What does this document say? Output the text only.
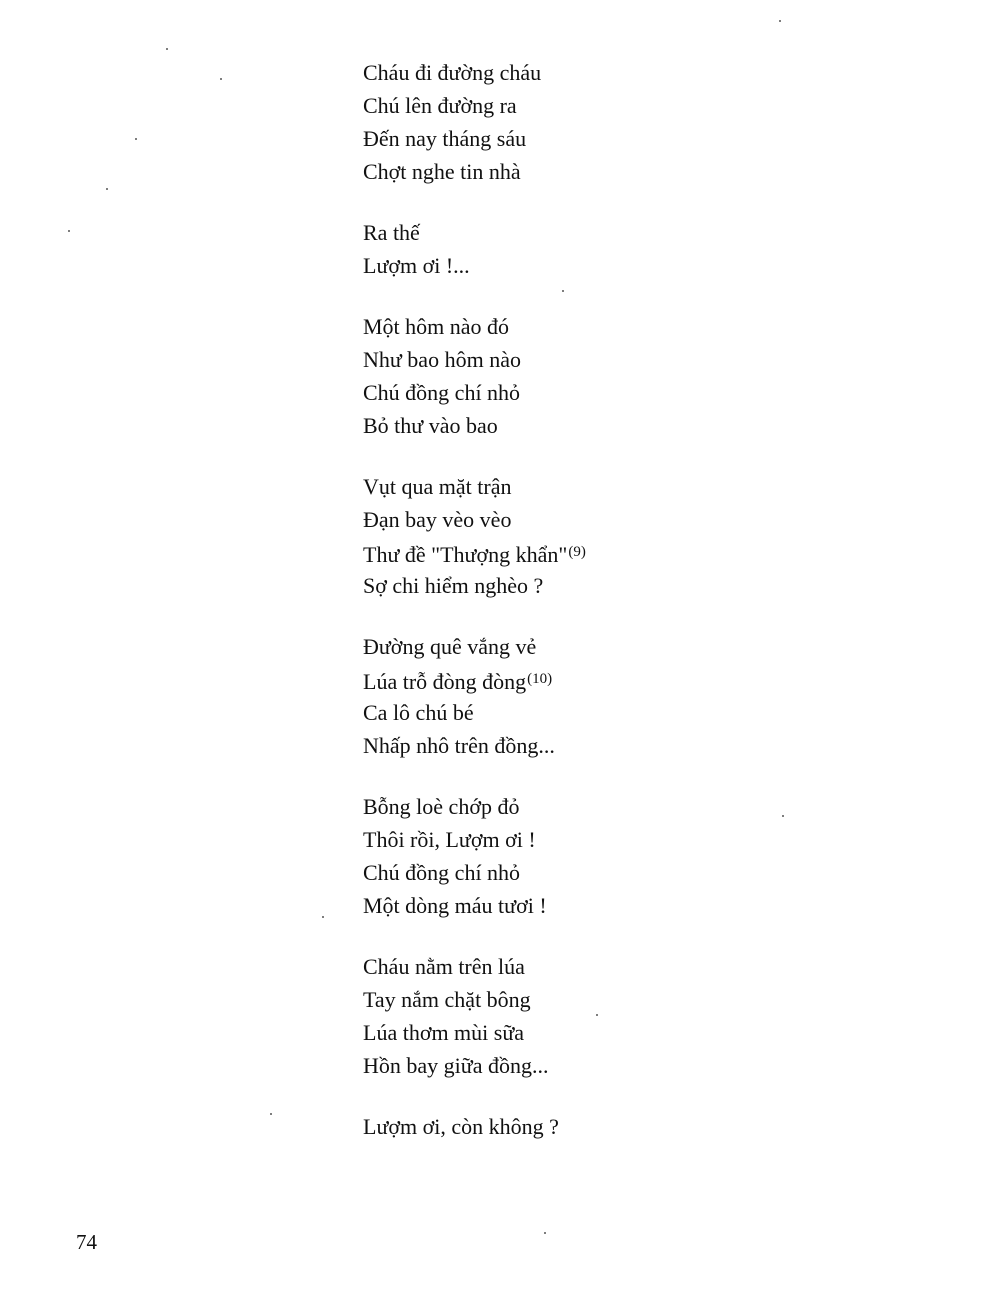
Cháu đi đường cháu
Chú lên đường ra
Đến nay tháng sáu
Chợt nghe tin nhà
Ra thế
Lượm ơi !...
Một hôm nào đó
Như bao hôm nào
Chú đồng chí nhỏ
Bỏ thư vào bao
Vụt qua mặt trận
Đạn bay vèo vèo
Thư đề "Thượng khẩn"$^{(9)}$
Sợ chi hiểm nghèo ?
Đường quê vắng vẻ
Lúa trỗ đòng đòng$^{(10)}$
Ca lô chú bé
Nhấp nhô trên đồng...
Bỗng loè chớp đỏ
Thôi rồi, Lượm ơi !
Chú đồng chí nhỏ
Một dòng máu tươi !
Cháu nằm trên lúa
Tay nắm chặt bông
Lúa thơm mùi sữa
Hồn bay giữa đồng...
Lượm ơi, còn không ?
74
